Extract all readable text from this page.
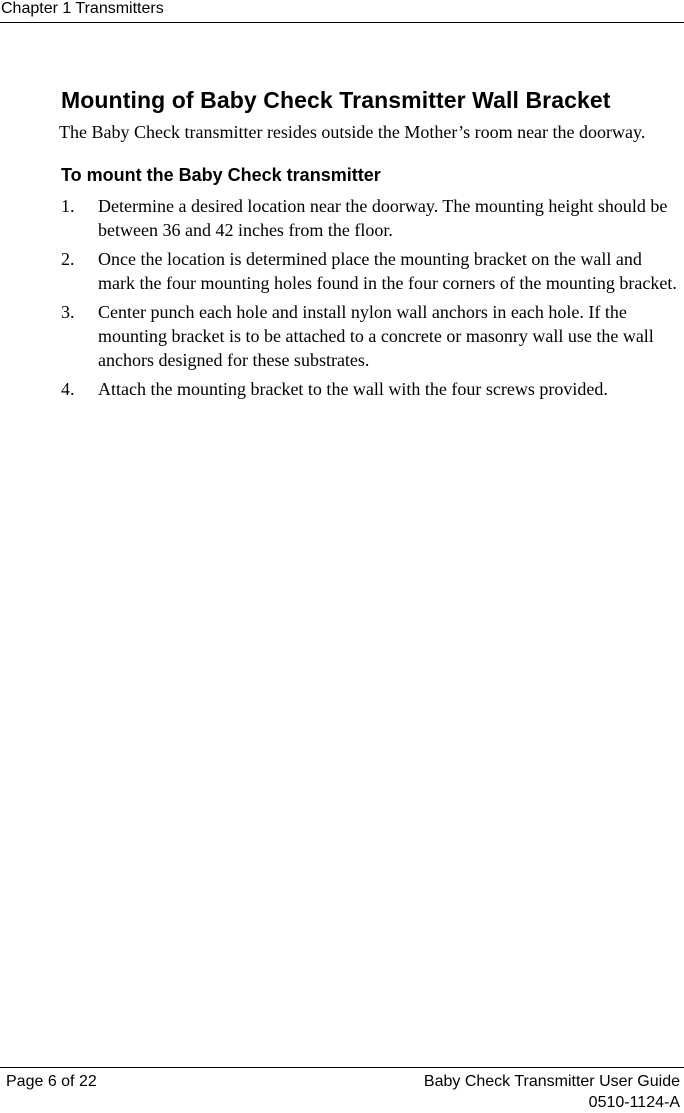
Chapter 1 Transmitters
Mounting of Baby Check Transmitter Wall Bracket

The Baby Check transmitter resides outside the Mother’s room near the doorway.

To mount the Baby Check transmitter
1. Determine a desired location near the doorway. The mounting height should be between 36 and 42 inches from the floor.
2. Once the location is determined place the mounting bracket on the wall and mark the four mounting holes found in the four corners of the mounting bracket.
3. Center punch each hole and install nylon wall anchors in each hole. If the mounting bracket is to be attached to a concrete or masonry wall use the wall anchors designed for these substrates.
4. Attach the mounting bracket to the wall with the four screws provided.
Page 6 of 22	Baby Check Transmitter User Guide
0510-1124-A
